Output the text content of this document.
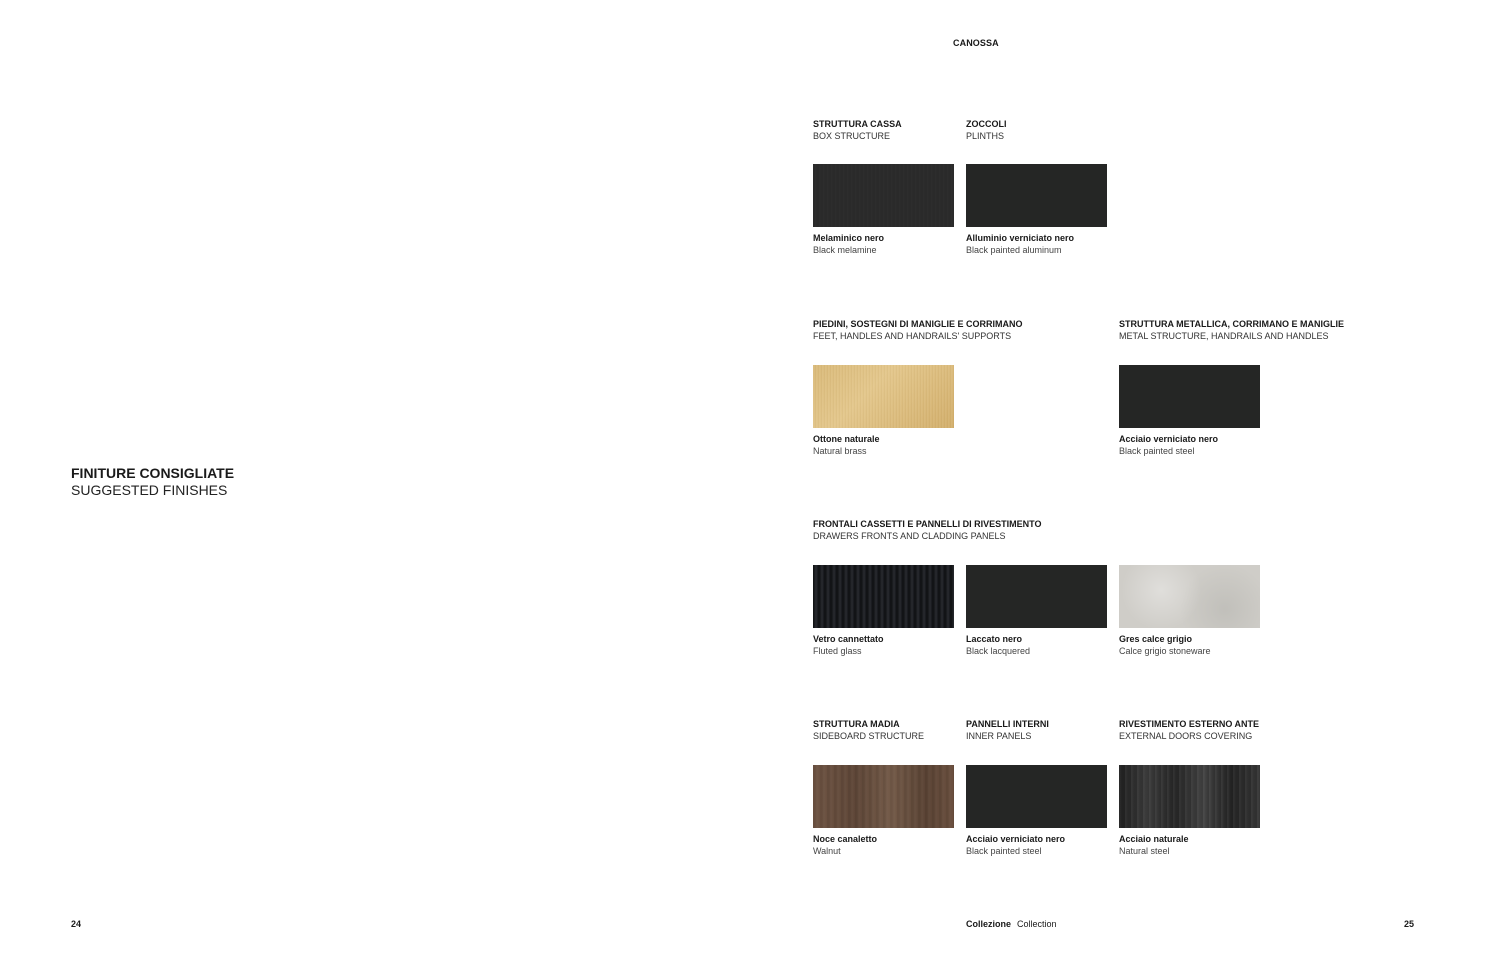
CANOSSA
FINITURE CONSIGLIATE
SUGGESTED FINISHES
24
STRUTTURA CASSA
BOX STRUCTURE
ZOCCOLI
PLINTHS
Melaminico nero
Black melamine
Alluminio verniciato nero
Black painted aluminum
PIEDINI, SOSTEGNI DI MANIGLIE E CORRIMANO
FEET, HANDLES AND HANDRAILS' SUPPORTS
STRUTTURA METALLICA, CORRIMANO E MANIGLIE
METAL STRUCTURE, HANDRAILS AND HANDLES
Ottone naturale
Natural brass
Acciaio verniciato nero
Black painted steel
FRONTALI CASSETTI E PANNELLI DI RIVESTIMENTO
DRAWERS FRONTS AND CLADDING PANELS
Vetro cannettato
Fluted glass
Laccato nero
Black lacquered
Gres calce grigio
Calce grigio stoneware
STRUTTURA MADIA
SIDEBOARD STRUCTURE
PANNELLI INTERNI
INNER PANELS
RIVESTIMENTO ESTERNO ANTE
EXTERNAL DOORS COVERING
Noce canaletto
Walnut
Acciaio verniciato nero
Black painted steel
Acciaio naturale
Natural steel
Collezione Collection	25
